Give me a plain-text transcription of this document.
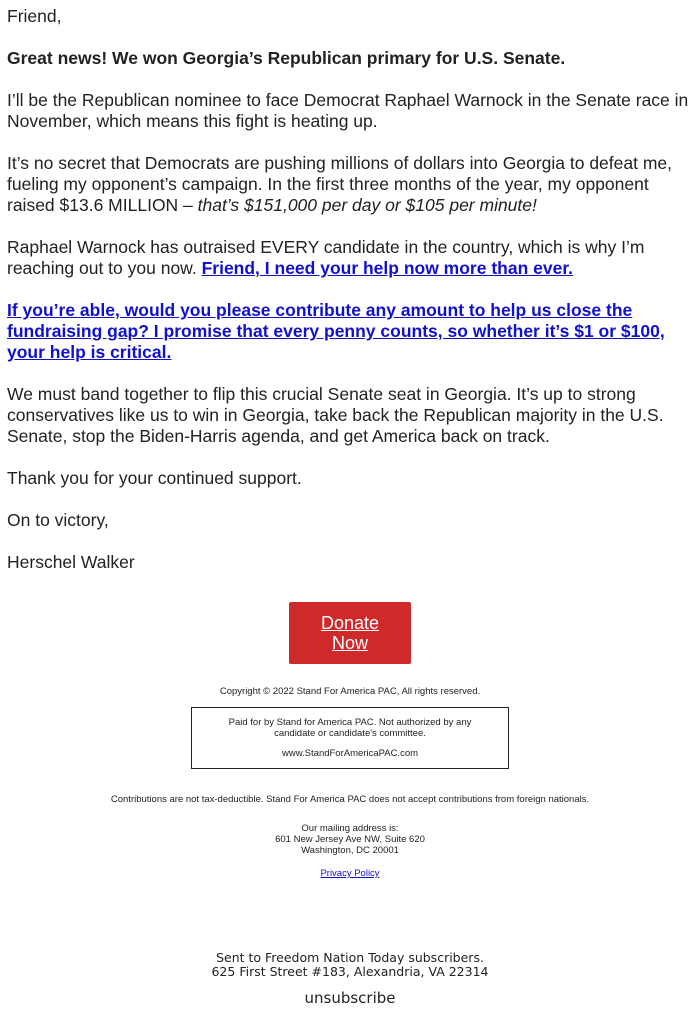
Friend,

Great news! We won Georgia’s Republican primary for U.S. Senate.

I’ll be the Republican nominee to face Democrat Raphael Warnock in the Senate race in November, which means this fight is heating up.

It’s no secret that Democrats are pushing millions of dollars into Georgia to defeat me, fueling my opponent’s campaign. In the first three months of the year, my opponent raised $13.6 MILLION – that’s $151,000 per day or $105 per minute!

Raphael Warnock has outraised EVERY candidate in the country, which is why I’m reaching out to you now. Friend, I need your help now more than ever.

If you’re able, would you please contribute any amount to help us close the fundraising gap? I promise that every penny counts, so whether it’s $1 or $100, your help is critical.

We must band together to flip this crucial Senate seat in Georgia. It’s up to strong conservatives like us to win in Georgia, take back the Republican majority in the U.S. Senate, stop the Biden-Harris agenda, and get America back on track.

Thank you for your continued support.

On to victory,

Herschel Walker

Donate Now
Copyright © 2022 Stand For America PAC, All rights reserved.
Paid for by Stand for America PAC. Not authorized by any candidate or candidate's committee.
www.StandForAmericaPAC.com
Contributions are not tax-deductible. Stand For America PAC does not accept contributions from foreign nationals.
Our mailing address is:
601 New Jersey Ave NW, Suite 620
Washington, DC 20001
Privacy Policy
Sent to Freedom Nation Today subscribers.
625 First Street #183, Alexandria, VA 22314
unsubscribe
